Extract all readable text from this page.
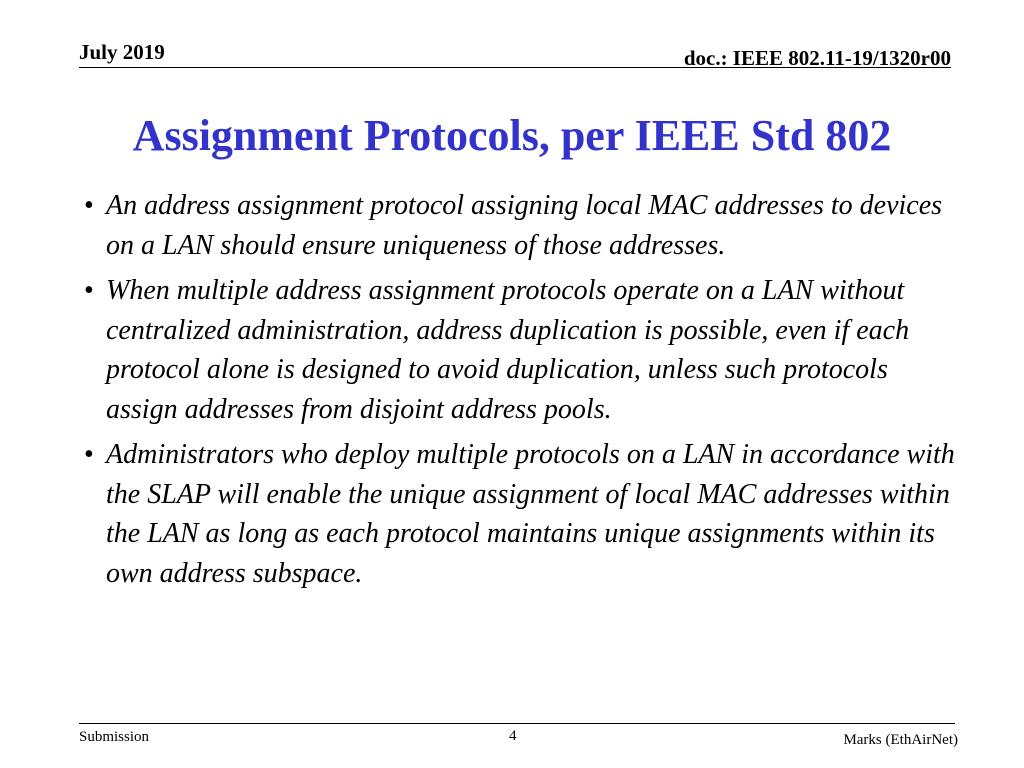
July 2019	doc.: IEEE 802.11-19/1320r00
Assignment Protocols, per IEEE Std 802
• An address assignment protocol assigning local MAC addresses to devices on a LAN should ensure uniqueness of those addresses.
• When multiple address assignment protocols operate on a LAN without centralized administration, address duplication is possible, even if each protocol alone is designed to avoid duplication, unless such protocols assign addresses from disjoint address pools.
• Administrators who deploy multiple protocols on a LAN in accordance with the SLAP will enable the unique assignment of local MAC addresses within the LAN as long as each protocol maintains unique assignments within its own address subspace.
Submission	4	Marks (EthAirNet)
